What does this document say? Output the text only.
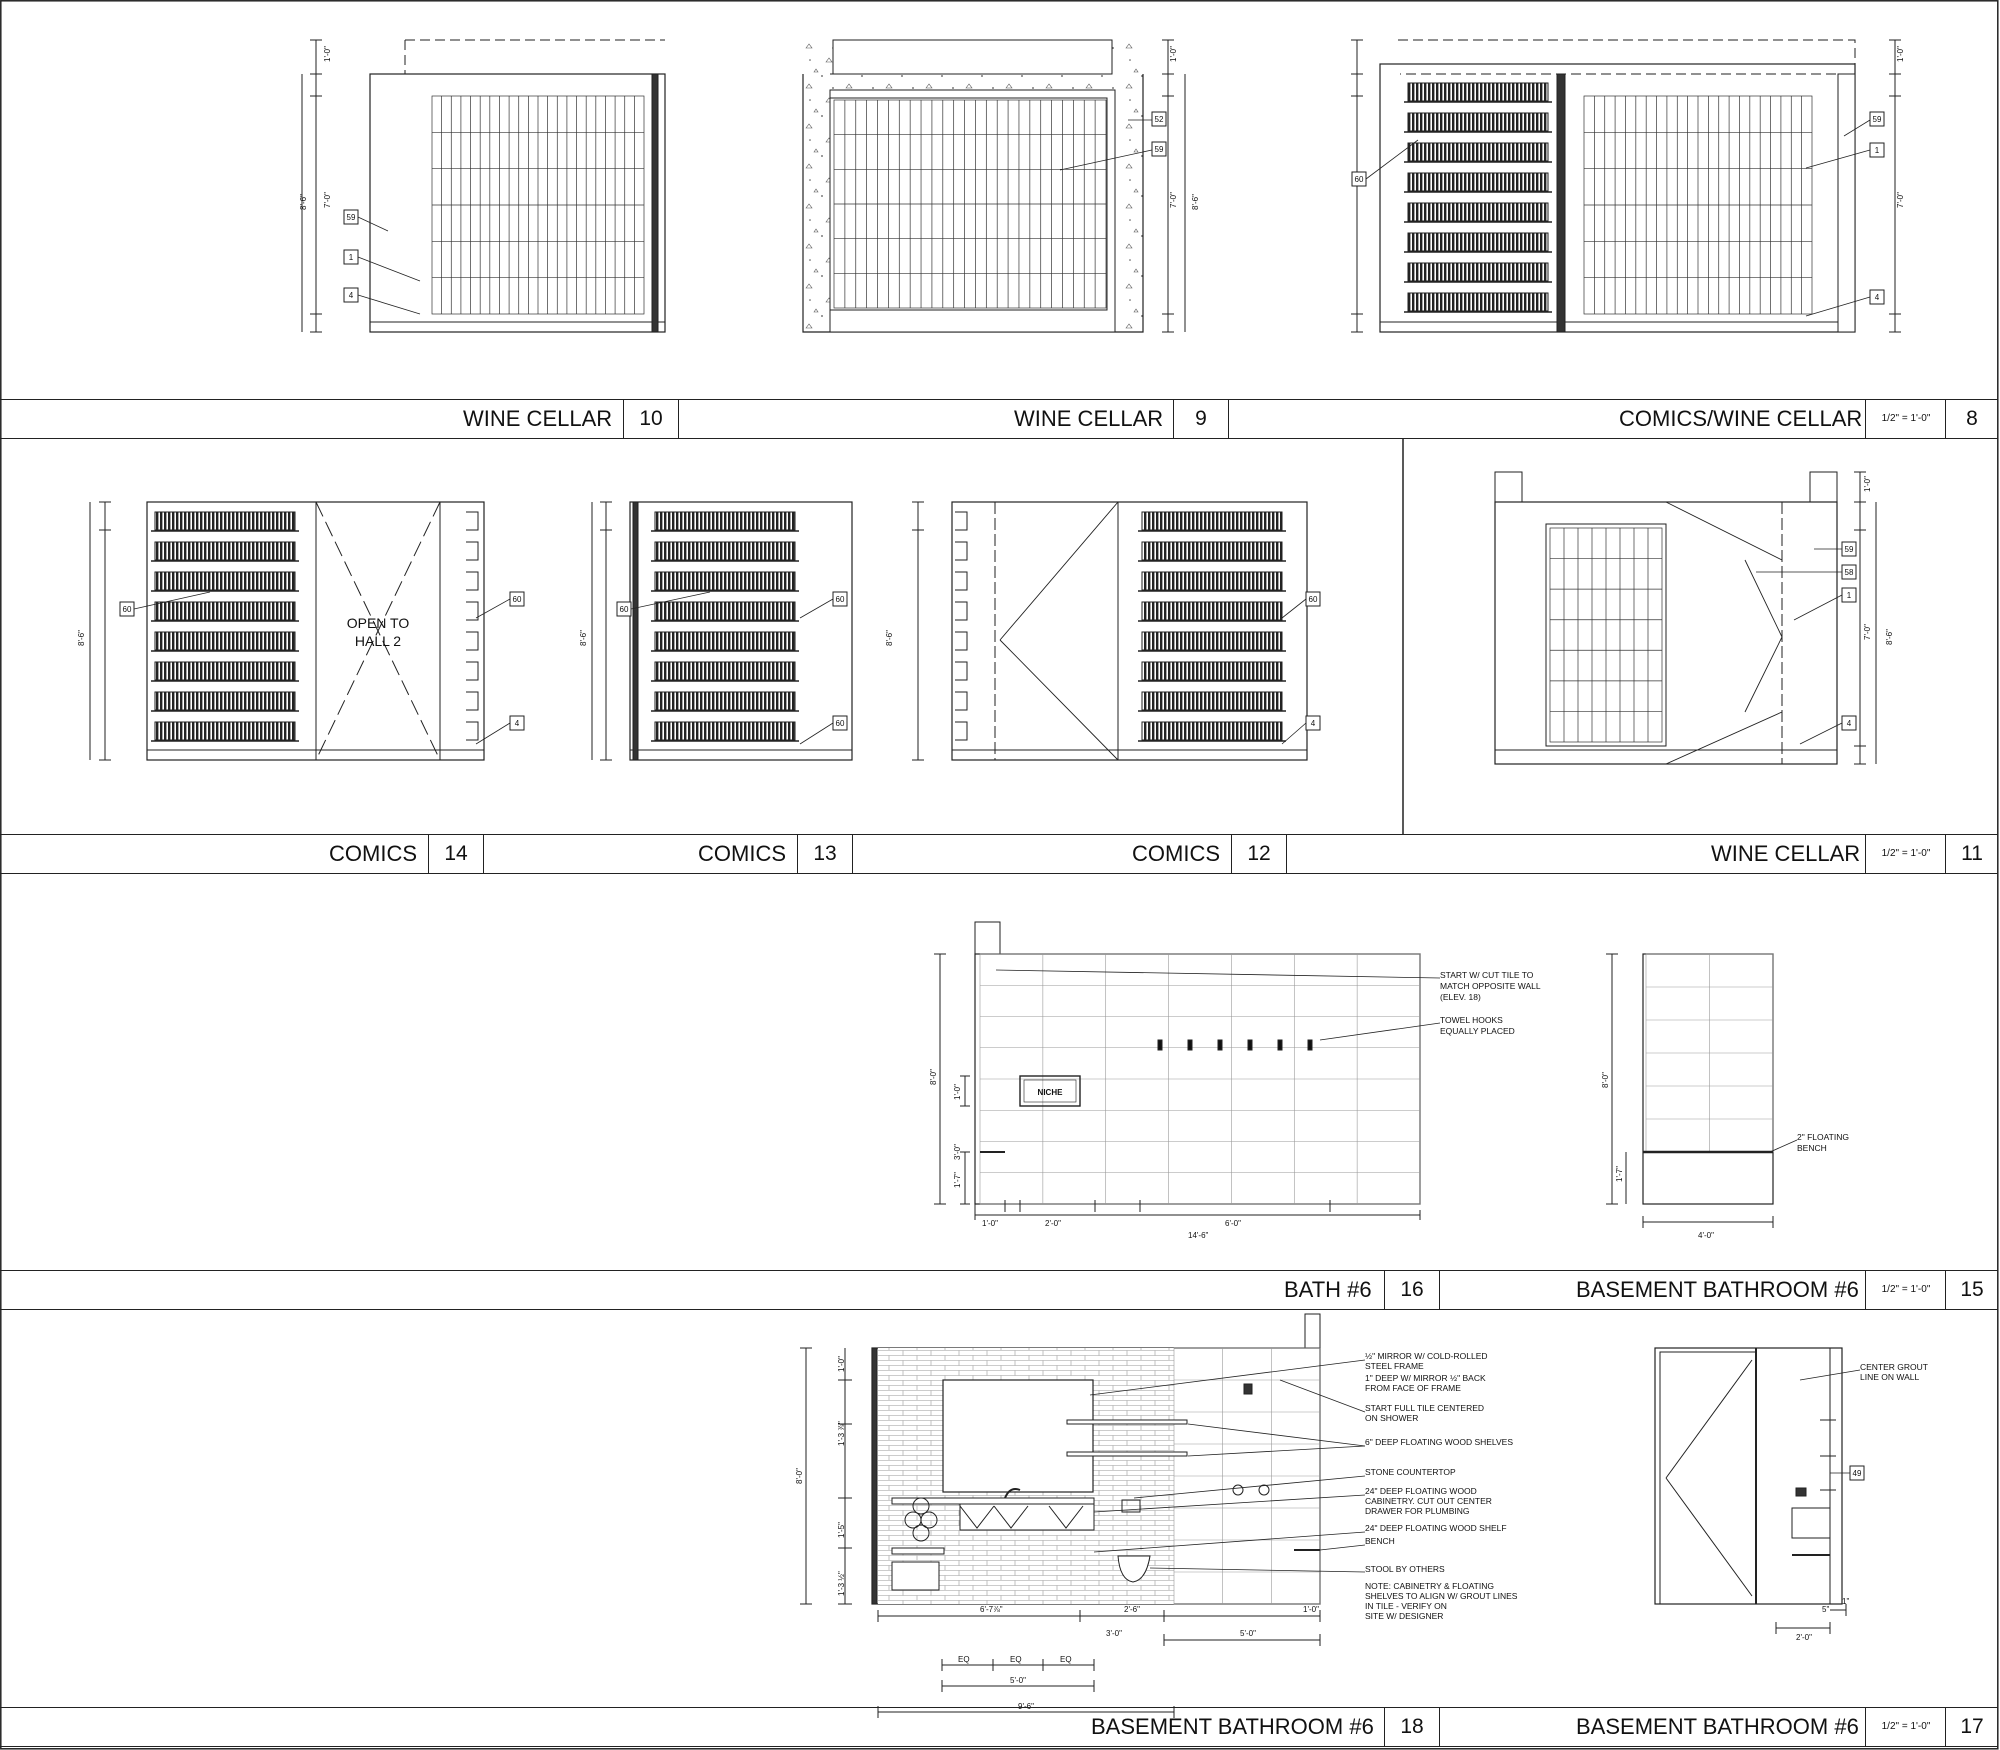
59
1
4
52
59
59
1
4
60
60
60
4
60
60
60
60
4
59
58
1
4
49
OPEN TO
HALL 2
NICHE
8'-6" 7'-0"
1'-0"	1'-0"
7'-0" 8'-6"
1'-0"
7'-0"
8'-6"	8'-6"	8'-6"	7'-0" 8'-6"
1'-0"
8'-0"
1'-0"
3'-0"
1'-7"
1'-0"	2'-0"	6'-0"
14'-6"
8'-0"
1'-7"
4'-0"
8'-0"
1'-0"
1'-3 ⅞"
1'-5"
1'-3 ½"
6'-7⅞"	2'-6"
3'-0"	5'-0"
1'-0"
EQ	EQ	EQ
5'-0"
9'-6"
2'-0"
5"
1"
START W/ CUT TILE TO
MATCH OPPOSITE WALL
(ELEV. 18)
TOWEL HOOKS
EQUALLY PLACED
2" FLOATING
BENCH
½" MIRROR W/ COLD-ROLLED
STEEL FRAME
1" DEEP W/ MIRROR ½" BACK
FROM FACE OF FRAME
START FULL TILE CENTERED
ON SHOWER
6" DEEP FLOATING WOOD SHELVES
STONE COUNTERTOP
24" DEEP FLOATING WOOD
CABINETRY. CUT OUT CENTER
DRAWER FOR PLUMBING
24" DEEP FLOATING WOOD SHELF
BENCH
STOOL BY OTHERS
NOTE: CABINETRY & FLOATING
SHELVES TO ALIGN W/ GROUT LINES
IN TILE - VERIFY ON
SITE W/ DESIGNER
CENTER GROUT
LINE ON WALL
WINE CELLAR	10	WINE CELLAR	9	COMICS/WINE CELLAR	1/2" = 1'-0"	8
COMICS	14	COMICS	13	COMICS	12	WINE CELLAR	1/2" = 1'-0"	11
BATH #6	16	BASEMENT BATHROOM #6	1/2" = 1'-0"	15
BASEMENT BATHROOM #6	18	BASEMENT BATHROOM #6	1/2" = 1'-0"	17
